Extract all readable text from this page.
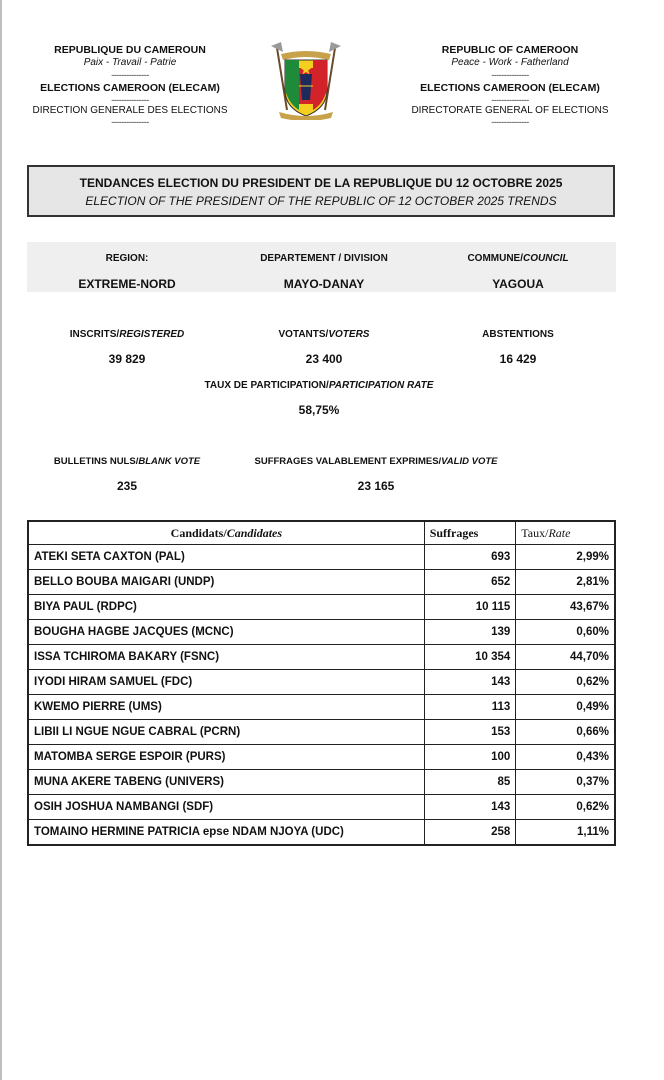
REPUBLIQUE DU CAMEROUN
Paix - Travail - Patrie
---------------
ELECTIONS CAMEROON (ELECAM)
---------------
DIRECTION GENERALE DES ELECTIONS
---------------
REPUBLIC OF CAMEROON
Peace - Work - Fatherland
---------------
ELECTIONS CAMEROON (ELECAM)
---------------
DIRECTORATE GENERAL OF ELECTIONS
---------------
TENDANCES ELECTION DU PRESIDENT DE LA REPUBLIQUE DU 12 OCTOBRE 2025
ELECTION OF THE PRESIDENT OF THE REPUBLIC OF 12 OCTOBER 2025 TRENDS
REGION:
EXTREME-NORD
DEPARTEMENT / DIVISION
MAYO-DANAY
COMMUNE/COUNCIL
YAGOUA
INSCRITS/REGISTERED
39 829
VOTANTS/VOTERS
23 400
ABSTENTIONS
16 429
TAUX DE PARTICIPATION/PARTICIPATION RATE
58,75%
BULLETINS NULS/BLANK VOTE
235
SUFFRAGES VALABLEMENT EXPRIMES/VALID VOTE
23 165
Candidats/Candidates	Suffrages	Taux/Rate
ATEKI SETA CAXTON (PAL)	693	2,99%
BELLO BOUBA MAIGARI (UNDP)	652	2,81%
BIYA PAUL (RDPC)	10 115	43,67%
BOUGHA HAGBE JACQUES (MCNC)	139	0,60%
ISSA TCHIROMA BAKARY (FSNC)	10 354	44,70%
IYODI HIRAM SAMUEL (FDC)	143	0,62%
KWEMO PIERRE (UMS)	113	0,49%
LIBII LI NGUE NGUE CABRAL (PCRN)	153	0,66%
MATOMBA SERGE ESPOIR (PURS)	100	0,43%
MUNA AKERE TABENG (UNIVERS)	85	0,37%
OSIH JOSHUA NAMBANGI (SDF)	143	0,62%
TOMAINO HERMINE PATRICIA epse NDAM NJOYA (UDC)	258	1,11%
